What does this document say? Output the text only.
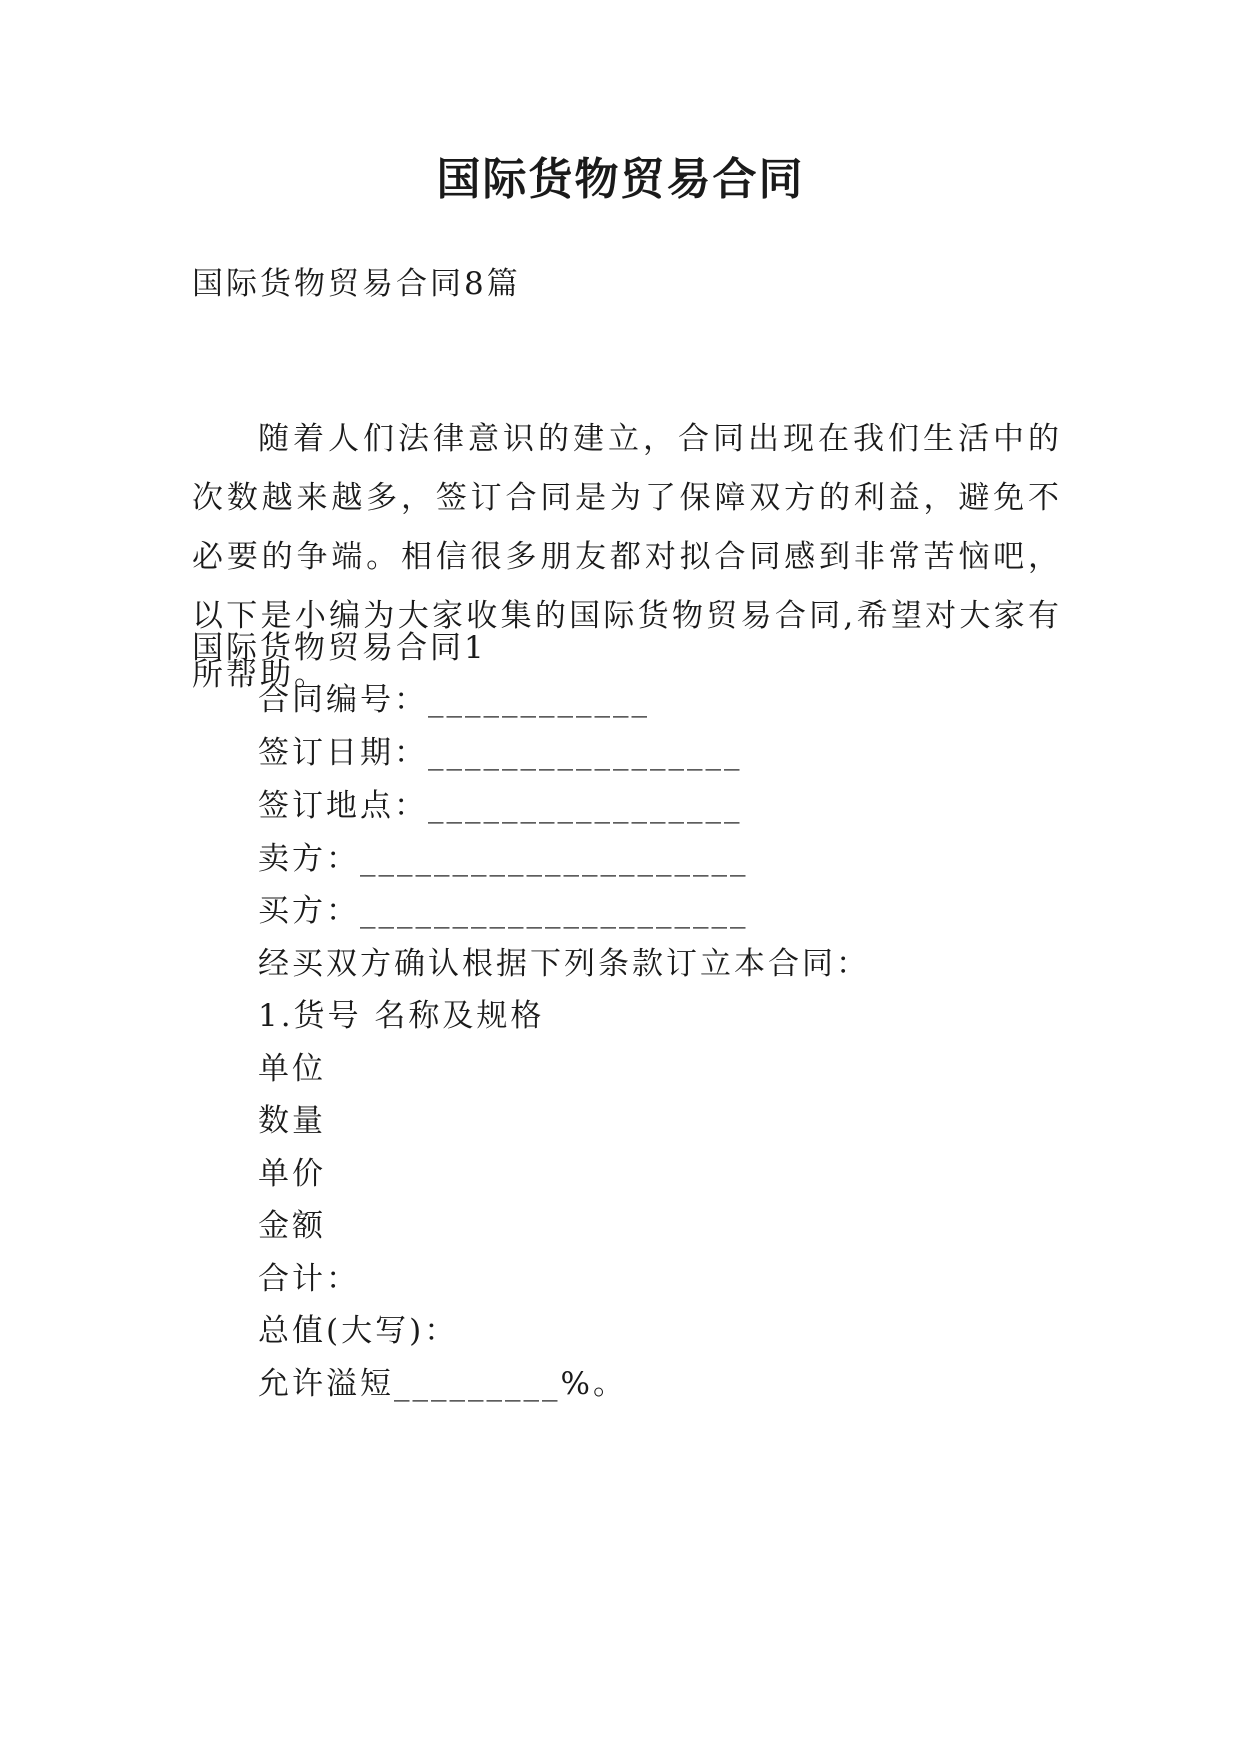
国际货物贸易合同

国际货物贸易合同8篇

随着人们法律意识的建立，合同出现在我们生活中的次数越来越多，签订合同是为了保障双方的利益，避免不必要的争端。相信很多朋友都对拟合同感到非常苦恼吧，以下是小编为大家收集的国际货物贸易合同,希望对大家有所帮助。

国际货物贸易合同1

合同编号：____________

签订日期：_________________

签订地点：_________________

卖方：_____________________

买方：_____________________

经买双方确认根据下列条款订立本合同：

1.货号 名称及规格

单位

数量

单价

金额

合计：

总值(大写)：

允许溢短_________%。
